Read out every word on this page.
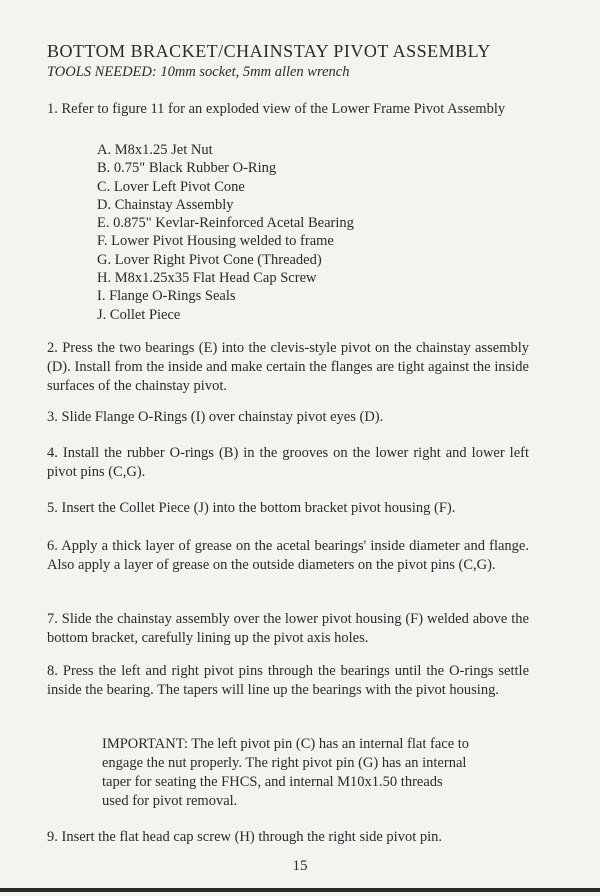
BOTTOM BRACKET/CHAINSTAY PIVOT ASSEMBLY

TOOLS NEEDED: 10mm socket, 5mm allen wrench

1. Refer to figure 11 for an exploded view of the Lower Frame Pivot Assembly

A. M8x1.25 Jet Nut
B. 0.75" Black Rubber O-Ring
C. Lover Left Pivot Cone
D. Chainstay Assembly
E. 0.875" Kevlar-Reinforced Acetal Bearing
F. Lower Pivot Housing welded to frame
G. Lover Right Pivot Cone (Threaded)
H. M8x1.25x35 Flat Head Cap Screw
I. Flange O-Rings Seals
J. Collet Piece

2. Press the two bearings (E) into the clevis-style pivot on the chainstay assembly (D). Install from the inside and make certain the flanges are tight against the inside surfaces of the chainstay pivot.

3. Slide Flange O-Rings (I) over chainstay pivot eyes (D).

4. Install the rubber O-rings (B) in the grooves on the lower right and lower left pivot pins (C,G).

5. Insert the Collet Piece (J) into the bottom bracket pivot housing (F).

6. Apply a thick layer of grease on the acetal bearings' inside diameter and flange. Also apply a layer of grease on the outside diameters on the pivot pins (C,G).

7. Slide the chainstay assembly over the lower pivot housing (F) welded above the bottom bracket, carefully lining up the pivot axis holes.

8. Press the left and right pivot pins through the bearings until the O-rings settle inside the bearing. The tapers will line up the bearings with the pivot housing.

IMPORTANT: The left pivot pin (C) has an internal flat face to engage the nut properly. The right pivot pin (G) has an internal taper for seating the FHCS, and internal M10x1.50 threads used for pivot removal.

9. Insert the flat head cap screw (H) through the right side pivot pin.

15
